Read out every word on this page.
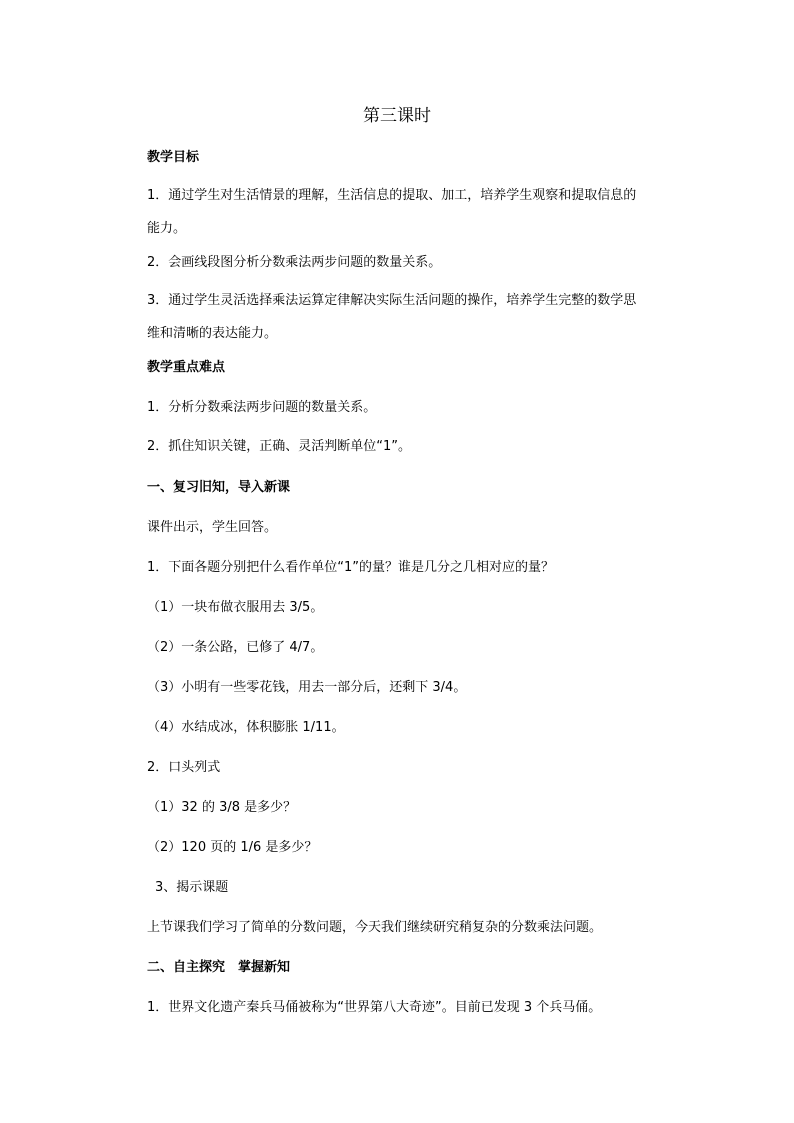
第三课时
教学目标
1．通过学生对生活情景的理解，生活信息的提取、加工，培养学生观察和提取信息的
能力。
2．会画线段图分析分数乘法两步问题的数量关系。
3．通过学生灵活选择乘法运算定律解决实际生活问题的操作，培养学生完整的数学思
维和清晰的表达能力。
教学重点难点
1．分析分数乘法两步问题的数量关系。
2．抓住知识关键，正确、灵活判断单位“1”。
一、复习旧知，导入新课
课件出示，学生回答。
1．下面各题分别把什么看作单位“1”的量？谁是几分之几相对应的量？
（1）一块布做衣服用去 3/5。
（2）一条公路，已修了 4/7。
（3）小明有一些零花钱，用去一部分后，还剩下 3/4。
（4）水结成冰，体积膨胀 1/11。
2．口头列式
（1）32 的 3/8 是多少？
（2）120 页的 1/6 是多少？
3、揭示课题
上节课我们学习了简单的分数问题，今天我们继续研究稍复杂的分数乘法问题。
二、自主探究　掌握新知
1．世界文化遗产秦兵马俑被称为“世界第八大奇迹”。目前已发现 3 个兵马俑。
